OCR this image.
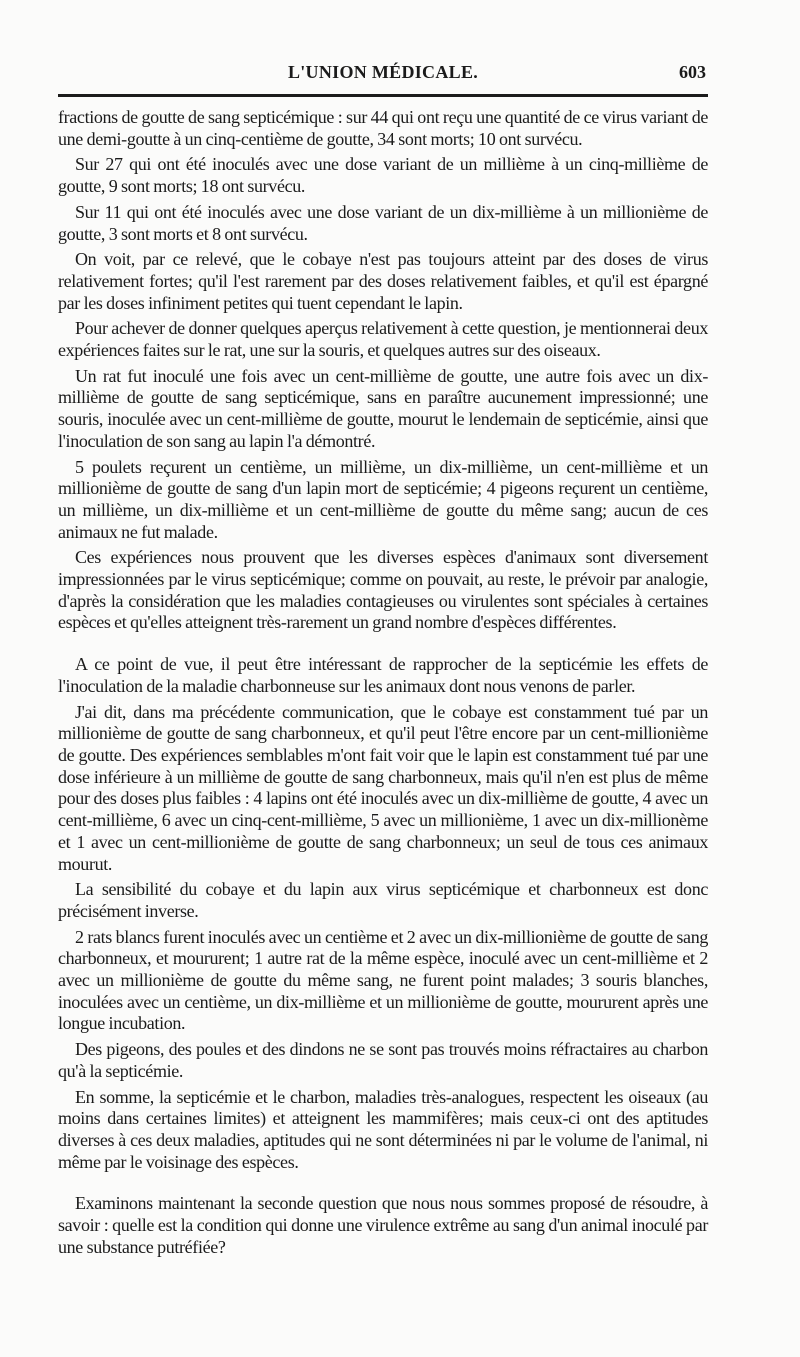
L'UNION MÉDICALE.	603

fractions de goutte de sang septicémique : sur 44 qui ont reçu une quantité de ce virus variant de une demi-goutte à un cinq-centième de goutte, 34 sont morts; 10 ont survécu.

Sur 27 qui ont été inoculés avec une dose variant de un millième à un cinq-millième de goutte, 9 sont morts; 18 ont survécu.

Sur 11 qui ont été inoculés avec une dose variant de un dix-millième à un millionième de goutte, 3 sont morts et 8 ont survécu.

On voit, par ce relevé, que le cobaye n'est pas toujours atteint par des doses de virus relativement fortes; qu'il l'est rarement par des doses relativement faibles, et qu'il est épargné par les doses infiniment petites qui tuent cependant le lapin.

Pour achever de donner quelques aperçus relativement à cette question, je mentionnerai deux expériences faites sur le rat, une sur la souris, et quelques autres sur des oiseaux.

Un rat fut inoculé une fois avec un cent-millième de goutte, une autre fois avec un dix-millième de goutte de sang septicémique, sans en paraître aucunement impressionné; une souris, inoculée avec un cent-millième de goutte, mourut le lendemain de septicémie, ainsi que l'inoculation de son sang au lapin l'a démontré.

5 poulets reçurent un centième, un millième, un dix-millième, un cent-millième et un millionième de goutte de sang d'un lapin mort de septicémie; 4 pigeons reçurent un centième, un millième, un dix-millième et un cent-millième de goutte du même sang; aucun de ces animaux ne fut malade.

Ces expériences nous prouvent que les diverses espèces d'animaux sont diversement impressionnées par le virus septicémique; comme on pouvait, au reste, le prévoir par analogie, d'après la considération que les maladies contagieuses ou virulentes sont spéciales à certaines espèces et qu'elles atteignent très-rarement un grand nombre d'espèces différentes.

A ce point de vue, il peut être intéressant de rapprocher de la septicémie les effets de l'inoculation de la maladie charbonneuse sur les animaux dont nous venons de parler.

J'ai dit, dans ma précédente communication, que le cobaye est constamment tué par un millionième de goutte de sang charbonneux, et qu'il peut l'être encore par un cent-millionième de goutte. Des expériences semblables m'ont fait voir que le lapin est constamment tué par une dose inférieure à un millième de goutte de sang charbonneux, mais qu'il n'en est plus de même pour des doses plus faibles : 4 lapins ont été inoculés avec un dix-millième de goutte, 4 avec un cent-millième, 6 avec un cinq-cent-millième, 5 avec un millionième, 1 avec un dix-millionème et 1 avec un cent-millionième de goutte de sang charbonneux; un seul de tous ces animaux mourut.

La sensibilité du cobaye et du lapin aux virus septicémique et charbonneux est donc précisément inverse.

2 rats blancs furent inoculés avec un centième et 2 avec un dix-millionième de goutte de sang charbonneux, et moururent; 1 autre rat de la même espèce, inoculé avec un cent-millième et 2 avec un millionième de goutte du même sang, ne furent point malades; 3 souris blanches, inoculées avec un centième, un dix-millième et un millionième de goutte, moururent après une longue incubation.

Des pigeons, des poules et des dindons ne se sont pas trouvés moins réfractaires au charbon qu'à la septicémie.

En somme, la septicémie et le charbon, maladies très-analogues, respectent les oiseaux (au moins dans certaines limites) et atteignent les mammifères; mais ceux-ci ont des aptitudes diverses à ces deux maladies, aptitudes qui ne sont déterminées ni par le volume de l'animal, ni même par le voisinage des espèces.

Examinons maintenant la seconde question que nous nous sommes proposé de résoudre, à savoir : quelle est la condition qui donne une virulence extrême au sang d'un animal inoculé par une substance putréfiée?
